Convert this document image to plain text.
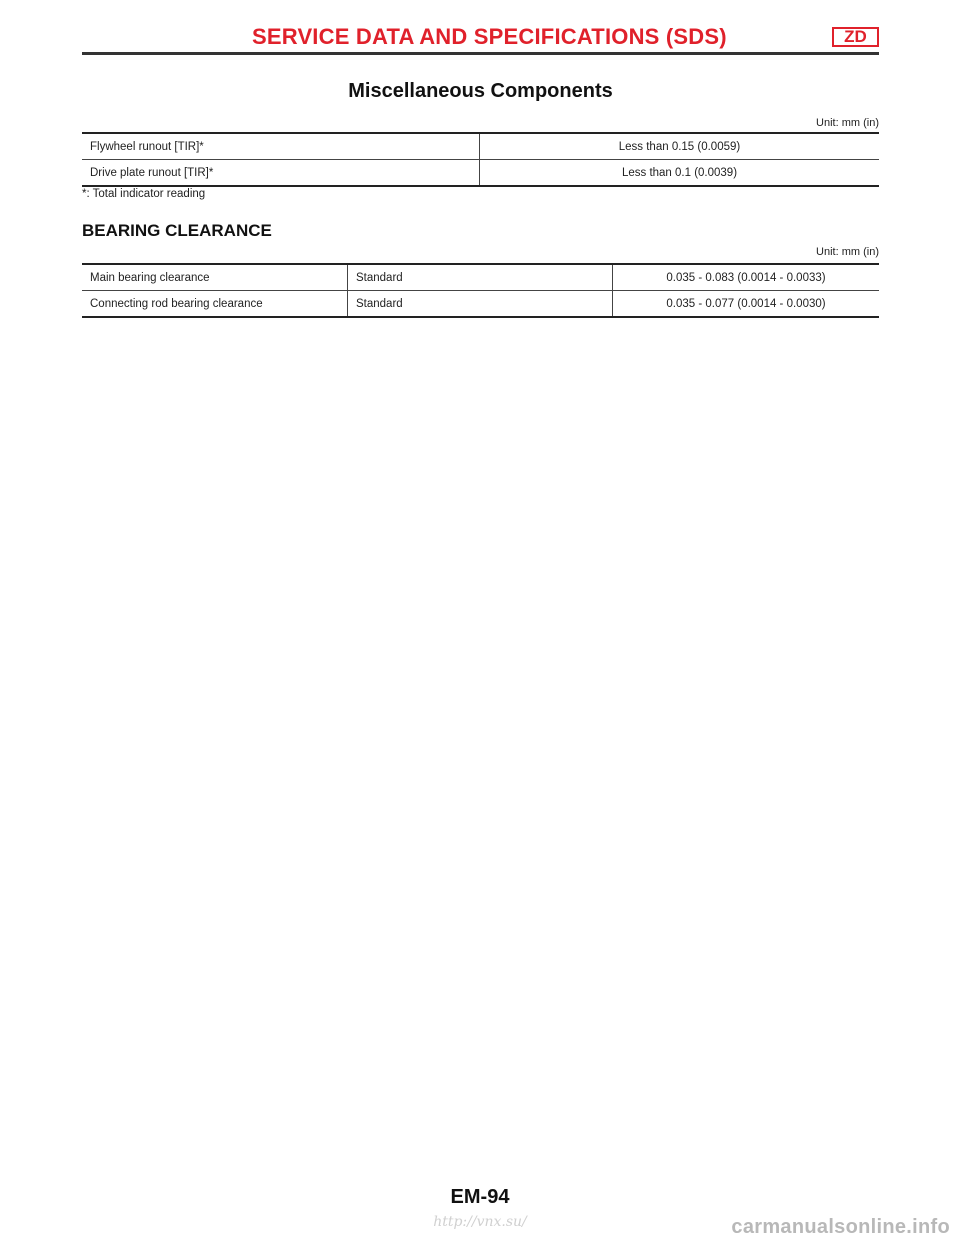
SERVICE DATA AND SPECIFICATIONS (SDS)	ZD
Miscellaneous Components
Unit: mm (in)
Flywheel runout [TIR]*	Less than 0.15 (0.0059)
Drive plate runout [TIR]*	Less than 0.1 (0.0039)
*: Total indicator reading
BEARING CLEARANCE
Unit: mm (in)
Main bearing clearance	Standard	0.035 - 0.083 (0.0014 - 0.0033)
Connecting rod bearing clearance	Standard	0.035 - 0.077 (0.0014 - 0.0030)
EM-94
http://vnx.su/	carmanualsonline.info
